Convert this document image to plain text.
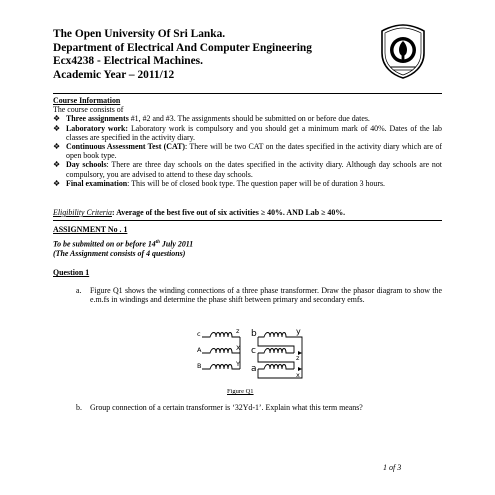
The Open University Of Sri Lanka.
Department of Electrical And Computer Engineering
Ecx4238 - Electrical Machines.
Academic Year – 2011/12
Course Information
The course consists of
❖ Three assignments #1, #2 and #3. The assignments should be submitted on or before due dates.
❖ Laboratory work: Laboratory work is compulsory and you should get a minimum mark of 40%. Dates of the lab classes are specified in the activity diary.
❖ Continuous Assessment Test (CAT): There will be two CAT on the dates specified in the activity diary which are of open book type.
❖ Day schools: There are three day schools on the dates specified in the activity diary. Although day schools are not compulsory, you are advised to attend to these day schools.
❖ Final examination: This will be of closed book type. The question paper will be of duration 3 hours.
Eligibility Criteria: Average of the best five out of six activities ≥ 40%. AND Lab ≥ 40%.
ASSIGNMENT No . 1
To be submitted on or before 14th July 2011
(The Assignment consists of 4 questions)
Question 1
a.	Figure Q1 shows the winding connections of a three phase transformer. Draw the phasor diagram to show the e.m.fs in windings and determine the phase shift between primary and secondary emfs.
c
A
B
z
X
Y
b
c
a
y
z
x
Figure Q1
b.	Group connection of a certain transformer is ‘32Yd-1’. Explain what this term means?
1 of 3
